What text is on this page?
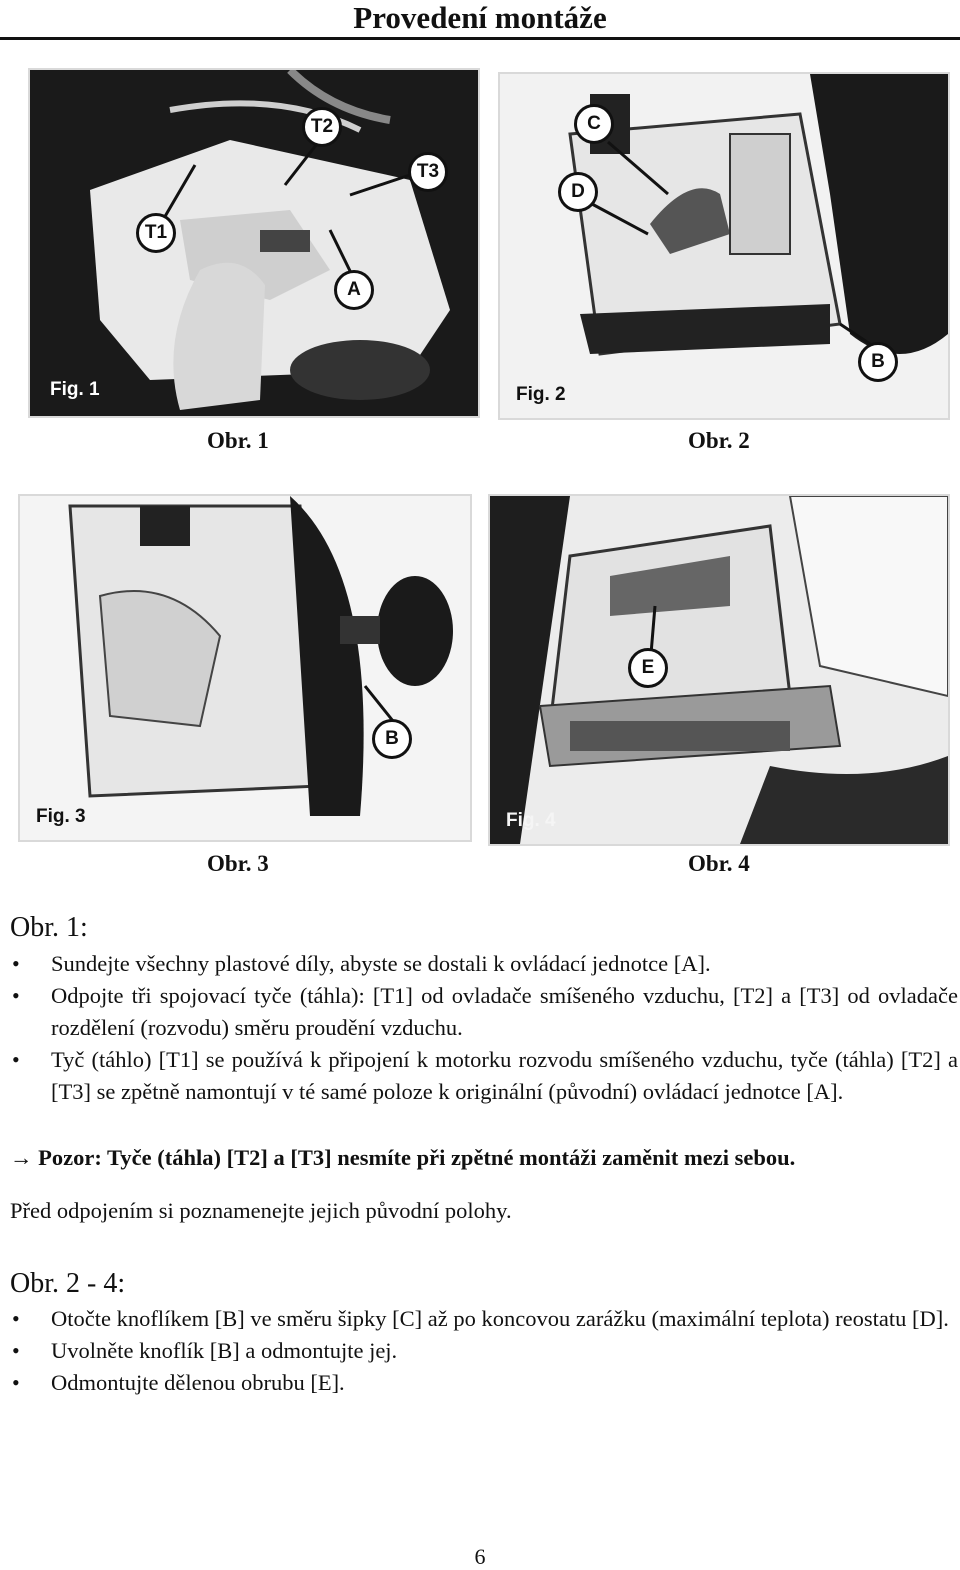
Provedení montáže
T1
T2
T3
A
Fig. 1
Obr. 1
C
D
B
Fig. 2
Obr. 2
B
Fig. 3
Obr. 3
E
Fig. 4
Obr. 4
Obr. 1:
• Sundejte všechny plastové díly, abyste se dostali k ovládací jednotce [A].
• Odpojte tři spojovací tyče (táhla): [T1] od ovladače smíšeného vzduchu, [T2] a [T3] od ovladače rozdělení (rozvodu) směru proudění vzduchu.
• Tyč (táhlo) [T1] se používá k připojení k motorku rozvodu smíšeného vzduchu, tyče (táhla) [T2] a [T3] se zpětně namontují v té samé poloze k originální (původní) ovládací jednotce [A].
→ Pozor: Tyče (táhla) [T2] a [T3] nesmíte při zpětné montáži zaměnit mezi sebou.
Před odpojením si poznamenejte jejich původní polohy.
Obr. 2 - 4:
• Otočte knoflíkem [B] ve směru šipky [C] až po koncovou zarážku (maximální teplota) reostatu [D].
• Uvolněte knoflík [B] a odmontujte jej.
• Odmontujte dělenou obrubu [E].
6
